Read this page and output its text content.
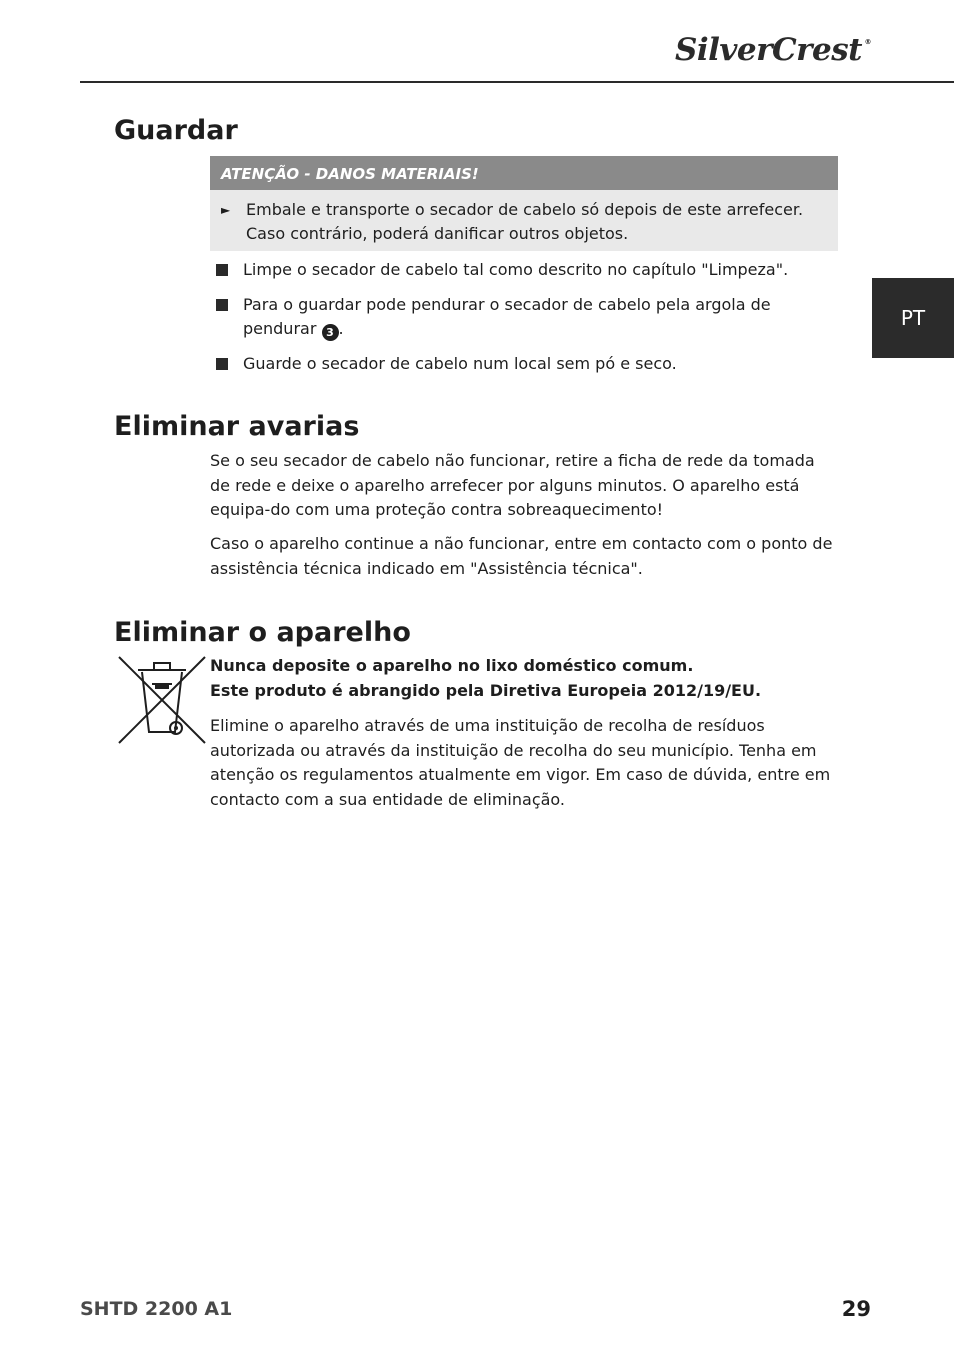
SilverCrest ®
PT
Guardar
ATENÇÃO - DANOS MATERIAIS!
► Embale e transporte o secador de cabelo só depois de este arrefecer.
Caso contrário, poderá danificar outros objetos.
Limpe o secador de cabelo tal como descrito no capítulo "Limpeza".
Para o guardar pode pendurar o secador de cabelo pela argola de
pendurar 3 .
Guarde o secador de cabelo num local sem pó e seco.
Eliminar avarias

Se o seu secador de cabelo não funcionar, retire a ficha de rede da tomada de rede e deixe o aparelho arrefecer por alguns minutos. O aparelho está equipa-do com uma proteção contra sobreaquecimento!

Caso o aparelho continue a não funcionar, entre em contacto com o ponto de assistência técnica indicado em "Assistência técnica".

Eliminar o aparelho
Nunca deposite o aparelho no lixo doméstico comum.
Este produto é abrangido pela Diretiva Europeia 2012/19/EU.

Elimine o aparelho através de uma instituição de recolha de resíduos autorizada ou através da instituição de recolha do seu município. Tenha em atenção os regulamentos atualmente em vigor. Em caso de dúvida, entre em contacto com a sua entidade de eliminação.

SHTD 2200 A1	29
